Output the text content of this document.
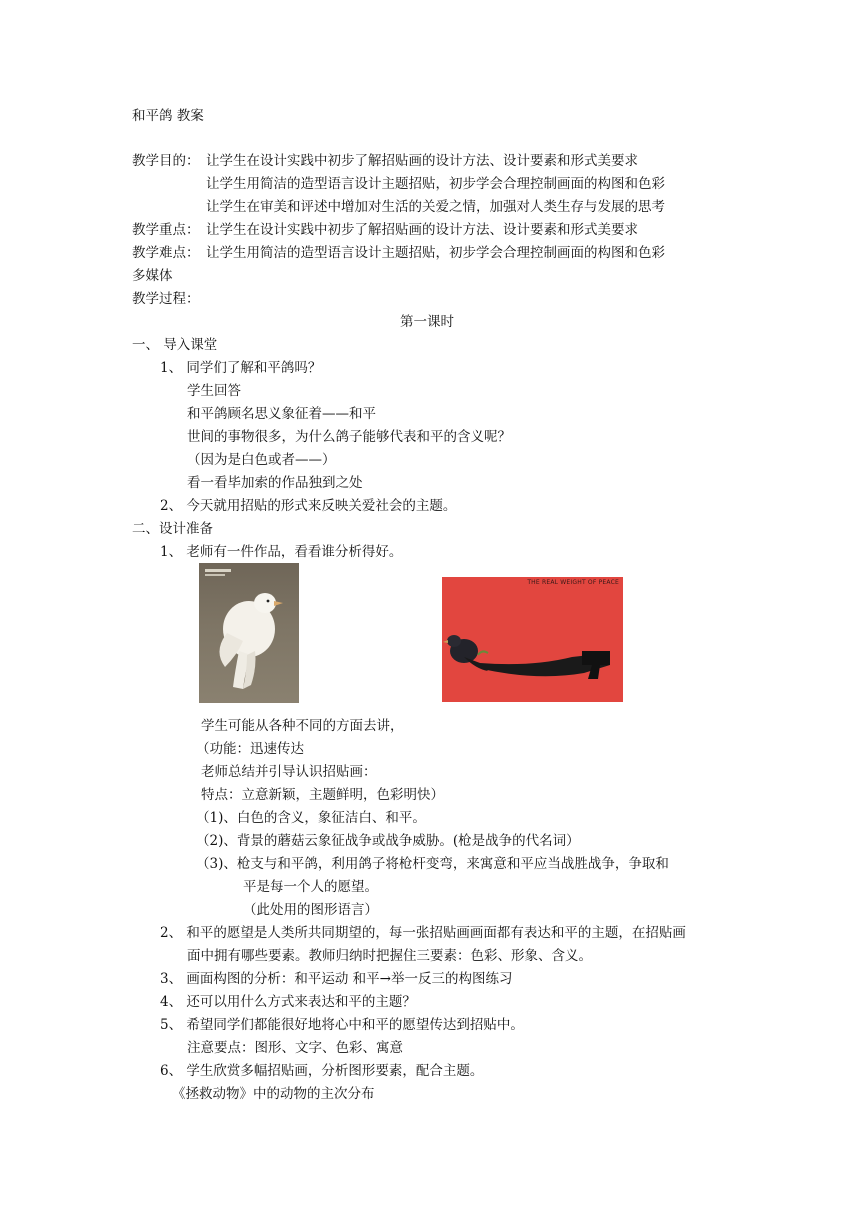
和平鸽 教案
教学目的： 让学生在设计实践中初步了解招贴画的设计方法、设计要素和形式美要求
让学生用简洁的造型语言设计主题招贴，初步学会合理控制画面的构图和色彩
让学生在审美和评述中增加对生活的关爱之情，加强对人类生存与发展的思考
教学重点： 让学生在设计实践中初步了解招贴画的设计方法、设计要素和形式美要求
教学难点： 让学生用简洁的造型语言设计主题招贴，初步学会合理控制画面的构图和色彩
多媒体
教学过程：
第一课时
一、 导入课堂
1、 同学们了解和平鸽吗？
学生回答
和平鸽顾名思义象征着——和平
世间的事物很多，为什么鸽子能够代表和平的含义呢？
（因为是白色或者——）
看一看毕加索的作品独到之处
2、 今天就用招贴的形式来反映关爱社会的主题。
二、设计准备
1、 老师有一件作品，看看谁分析得好。
THE REAL WEIGHT OF PEACE
学生可能从各种不同的方面去讲，
（功能：迅速传达
老师总结并引导认识招贴画：
特点：立意新颖，主题鲜明，色彩明快）
（1)、白色的含义，象征洁白、和平。
（2)、背景的蘑菇云象征战争或战争威胁。(枪是战争的代名词）
（3)、枪支与和平鸽，利用鸽子将枪杆变弯，来寓意和平应当战胜战争，争取和
平是每一个人的愿望。
（此处用的图形语言）
2、 和平的愿望是人类所共同期望的，每一张招贴画画面都有表达和平的主题，在招贴画
面中拥有哪些要素。教师归纳时把握住三要素：色彩、形象、含义。
3、 画面构图的分析：和平运动 和平→举一反三的构图练习
4、 还可以用什么方式来表达和平的主题？
5、 希望同学们都能很好地将心中和平的愿望传达到招贴中。
注意要点：图形、文字、色彩、寓意
6、 学生欣赏多幅招贴画，分析图形要素，配合主题。
《拯救动物》中的动物的主次分布
